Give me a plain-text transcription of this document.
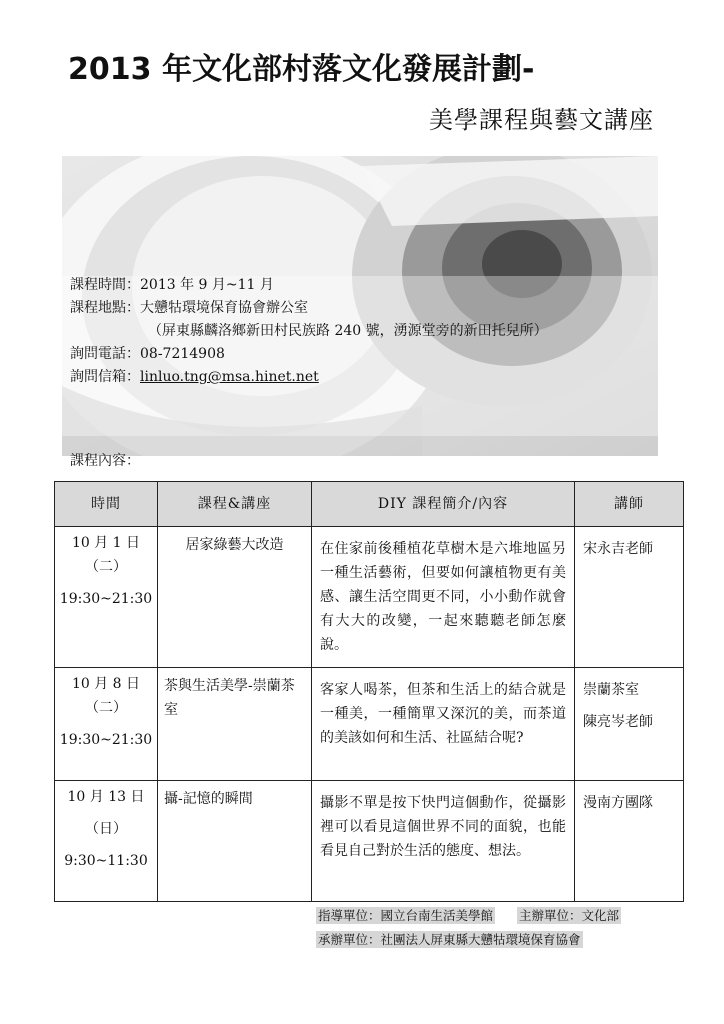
2013 年文化部村落文化發展計劃-
美學課程與藝文講座
課程時間：2013 年 9 月~11 月
課程地點：大戇牯環境保育協會辦公室
（屏東縣麟洛鄉新田村民族路 240 號，湧源堂旁的新田托兒所）
詢問電話：08-7214908
詢問信箱：linluo.tng@msa.hinet.net
課程內容：
時間	課程&講座	DIY 課程簡介/內容	講師

10 月 1 日
（二）
19:30~21:30	居家綠藝大改造	在住家前後種植花草樹木是六堆地區另一種生活藝術，但要如何讓植物更有美感、讓生活空間更不同，小小動作就會有大大的改變，一起來聽聽老師怎麼說。	宋永吉老師

10 月 8 日
（二）
19:30~21:30	茶與生活美學-崇蘭茶室	客家人喝茶，但茶和生活上的結合就是一種美，一種簡單又深沉的美，而茶道的美該如何和生活、社區結合呢?	崇蘭茶室
陳亮岑老師

10 月 13 日
（日）
9:30~11:30	攝-記憶的瞬間	攝影不單是按下快門這個動作，從攝影裡可以看見這個世界不同的面貌，也能看見自己對於生活的態度、想法。	漫南方團隊
指導單位：國立台南生活美學館 主辦單位：文化部
承辦單位：社團法人屏東縣大戇牯環境保育協會
